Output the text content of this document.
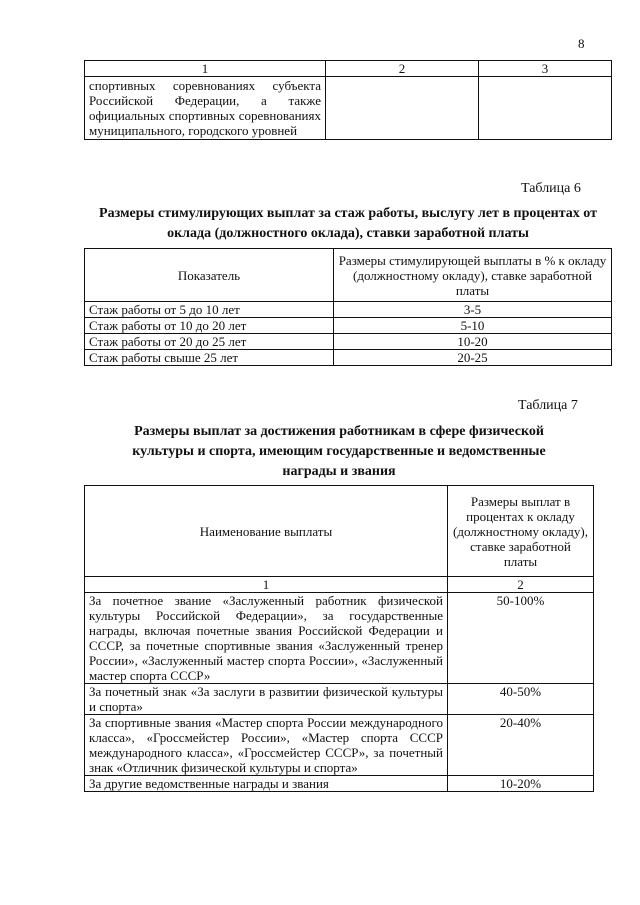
8
1	2	3
спортивных соревнованиях субъекта Российской Федерации, а также официальных спортивных соревнованиях муниципального, городского уровней		
Таблица 6
Размеры стимулирующих выплат за стаж работы, выслугу лет в процентах от оклада (должностного оклада), ставки заработной платы
Показатель	Размеры стимулирующей выплаты в % к окладу (должностному окладу), ставке заработной платы
Стаж работы от 5 до 10 лет	3-5
Стаж работы от 10 до 20 лет	5-10
Стаж работы от 20 до 25 лет	10-20
Стаж работы свыше 25 лет	20-25
Таблица 7
Размеры выплат за достижения работникам в сфере физической культуры и спорта, имеющим государственные и ведомственные награды и звания
Наименование выплаты	Размеры выплат в процентах к окладу (должностному окладу), ставке заработной платы
1	2
За почетное звание «Заслуженный работник физической культуры Российской Федерации», за государственные награды, включая почетные звания Российской Федерации и СССР, за почетные спортивные звания «Заслуженный тренер России», «Заслуженный мастер спорта России», «Заслуженный мастер спорта СССР»	50-100%
За почетный знак «За заслуги в развитии физической культуры и спорта»	40-50%
За спортивные звания «Мастер спорта России международного класса», «Гроссмейстер России», «Мастер спорта СССР международного класса», «Гроссмейстер СССР», за почетный знак «Отличник физической культуры и спорта»	20-40%
За другие ведомственные награды и звания	10-20%
